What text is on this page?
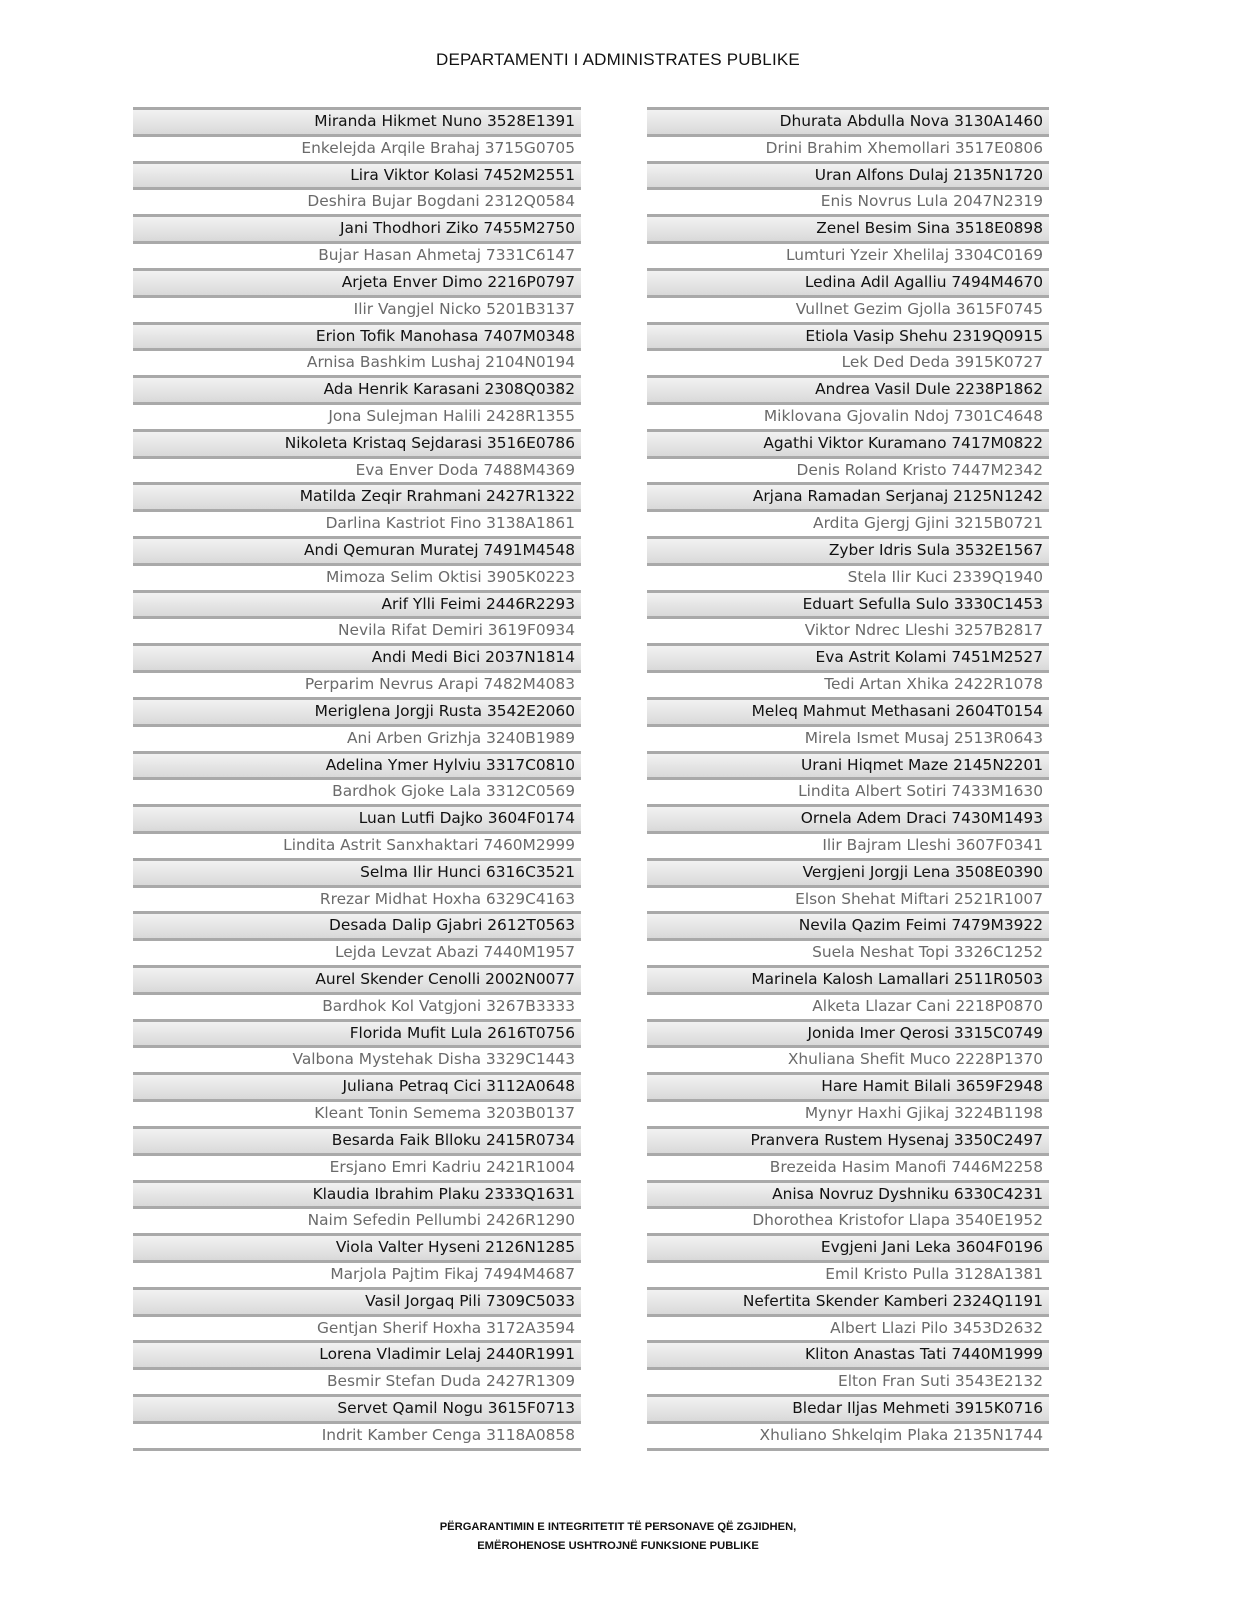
DEPARTAMENTI I ADMINISTRATES PUBLIKE
Miranda Hikmet Nuno 3528E1391
Enkelejda Arqile Brahaj 3715G0705
Lira Viktor Kolasi 7452M2551
Deshira Bujar Bogdani 2312Q0584
Jani Thodhori Ziko 7455M2750
Bujar Hasan Ahmetaj 7331C6147
Arjeta Enver Dimo 2216P0797
Ilir Vangjel Nicko 5201B3137
Erion Tofik Manohasa 7407M0348
Arnisa Bashkim Lushaj 2104N0194
Ada Henrik Karasani 2308Q0382
Jona Sulejman Halili 2428R1355
Nikoleta Kristaq Sejdarasi 3516E0786
Eva Enver Doda 7488M4369
Matilda Zeqir Rrahmani 2427R1322
Darlina Kastriot Fino 3138A1861
Andi Qemuran Muratej 7491M4548
Mimoza Selim Oktisi 3905K0223
Arif Ylli Feimi 2446R2293
Nevila Rifat Demiri 3619F0934
Andi Medi Bici 2037N1814
Perparim Nevrus Arapi 7482M4083
Meriglena Jorgji Rusta 3542E2060
Ani Arben Grizhja 3240B1989
Adelina Ymer Hylviu 3317C0810
Bardhok Gjoke Lala 3312C0569
Luan Lutfi Dajko 3604F0174
Lindita Astrit Sanxhaktari 7460M2999
Selma Ilir Hunci 6316C3521
Rrezar Midhat Hoxha 6329C4163
Desada Dalip Gjabri 2612T0563
Lejda Levzat Abazi 7440M1957
Aurel Skender Cenolli 2002N0077
Bardhok Kol Vatgjoni 3267B3333
Florida Mufit Lula 2616T0756
Valbona Mystehak Disha 3329C1443
Juliana Petraq Cici 3112A0648
Kleant Tonin Semema 3203B0137
Besarda Faik Blloku 2415R0734
Ersjano Emri Kadriu 2421R1004
Klaudia Ibrahim Plaku 2333Q1631
Naim Sefedin Pellumbi 2426R1290
Viola Valter Hyseni 2126N1285
Marjola Pajtim Fikaj 7494M4687
Vasil Jorgaq Pili 7309C5033
Gentjan Sherif Hoxha 3172A3594
Lorena Vladimir Lelaj 2440R1991
Besmir Stefan Duda 2427R1309
Servet Qamil Nogu 3615F0713
Indrit Kamber Cenga 3118A0858
Dhurata Abdulla Nova 3130A1460
Drini Brahim Xhemollari 3517E0806
Uran Alfons Dulaj 2135N1720
Enis Novrus Lula 2047N2319
Zenel Besim Sina 3518E0898
Lumturi Yzeir Xhelilaj 3304C0169
Ledina Adil Agalliu 7494M4670
Vullnet Gezim Gjolla 3615F0745
Etiola Vasip Shehu 2319Q0915
Lek Ded Deda 3915K0727
Andrea Vasil Dule 2238P1862
Miklovana Gjovalin Ndoj 7301C4648
Agathi Viktor Kuramano 7417M0822
Denis Roland Kristo 7447M2342
Arjana Ramadan Serjanaj 2125N1242
Ardita Gjergj Gjini 3215B0721
Zyber Idris Sula 3532E1567
Stela Ilir Kuci 2339Q1940
Eduart Sefulla Sulo 3330C1453
Viktor Ndrec Lleshi 3257B2817
Eva Astrit Kolami 7451M2527
Tedi Artan Xhika 2422R1078
Meleq Mahmut Methasani 2604T0154
Mirela Ismet Musaj 2513R0643
Urani Hiqmet Maze 2145N2201
Lindita Albert Sotiri 7433M1630
Ornela Adem Draci 7430M1493
Ilir Bajram Lleshi 3607F0341
Vergjeni Jorgji Lena 3508E0390
Elson Shehat Miftari 2521R1007
Nevila Qazim Feimi 7479M3922
Suela Neshat Topi 3326C1252
Marinela Kalosh Lamallari 2511R0503
Alketa Llazar Cani 2218P0870
Jonida Imer Qerosi 3315C0749
Xhuliana Shefit Muco 2228P1370
Hare Hamit Bilali 3659F2948
Mynyr Haxhi Gjikaj 3224B1198
Pranvera Rustem Hysenaj 3350C2497
Brezeida Hasim Manofi 7446M2258
Anisa Novruz Dyshniku 6330C4231
Dhorothea Kristofor Llapa 3540E1952
Evgjeni Jani Leka 3604F0196
Emil Kristo Pulla 3128A1381
Nefertita Skender Kamberi 2324Q1191
Albert Llazi Pilo 3453D2632
Kliton Anastas Tati 7440M1999
Elton Fran Suti 3543E2132
Bledar Iljas Mehmeti 3915K0716
Xhuliano Shkelqim Plaka 2135N1744
PËRGARANTIMIN E INTEGRITETIT TË PERSONAVE QË ZGJIDHEN,
EMËROHENOSE USHTROJNË FUNKSIONE PUBLIKE
